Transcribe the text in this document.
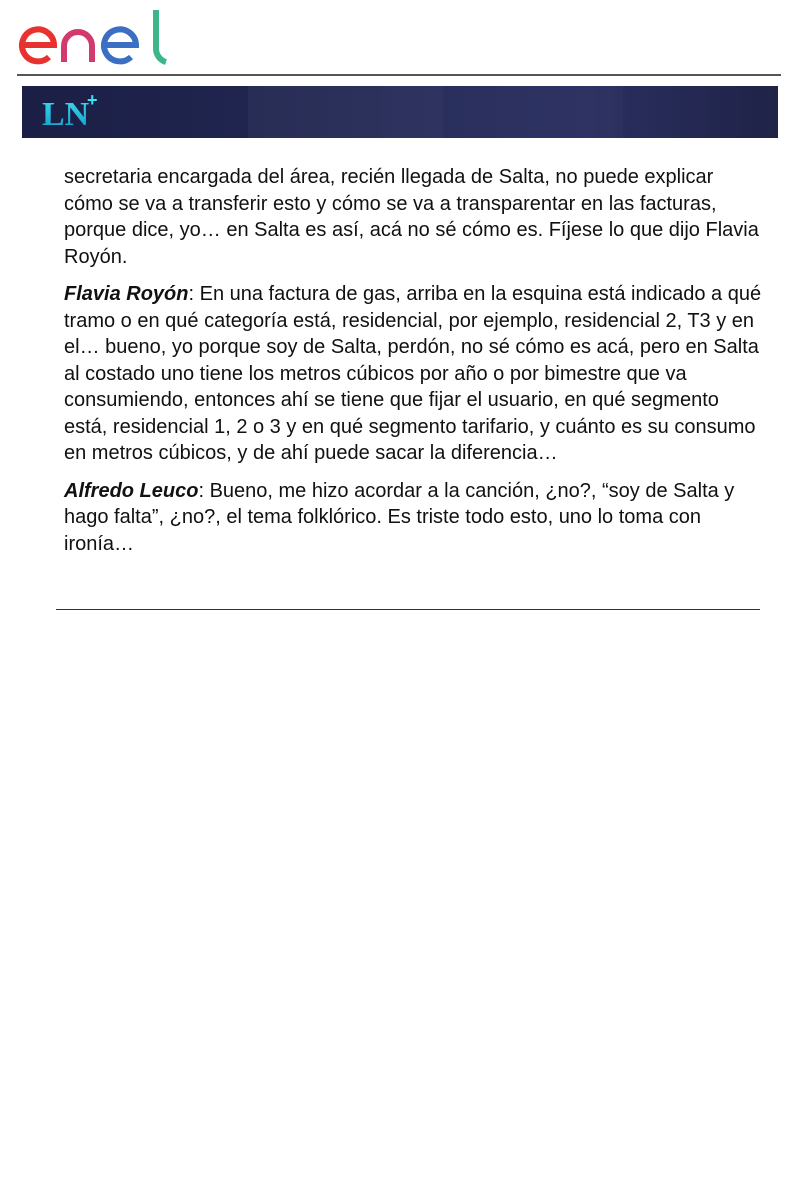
enel
LN
+

secretaria encargada del área, recién llegada de Salta, no puede explicar cómo se va a transferir esto y cómo se va a transparentar en las facturas, porque dice, yo… en Salta es así, acá no sé cómo es. Fíjese lo que dijo Flavia Royón.

Flavia Royón: En una factura de gas, arriba en la esquina está indicado a qué tramo o en qué categoría está, residencial, por ejemplo, residencial 2, T3 y en el… bueno, yo porque soy de Salta, perdón, no sé cómo es acá, pero en Salta al costado uno tiene los metros cúbicos por año o por bimestre que va consumiendo, entonces ahí se tiene que fijar el usuario, en qué segmento está, residencial 1, 2 o 3 y en qué segmento tarifario, y cuánto es su consumo en metros cúbicos, y de ahí puede sacar la diferencia…

Alfredo Leuco: Bueno, me hizo acordar a la canción, ¿no?, “soy de Salta y hago falta”, ¿no?, el tema folklórico. Es triste todo esto, uno lo toma con ironía…
